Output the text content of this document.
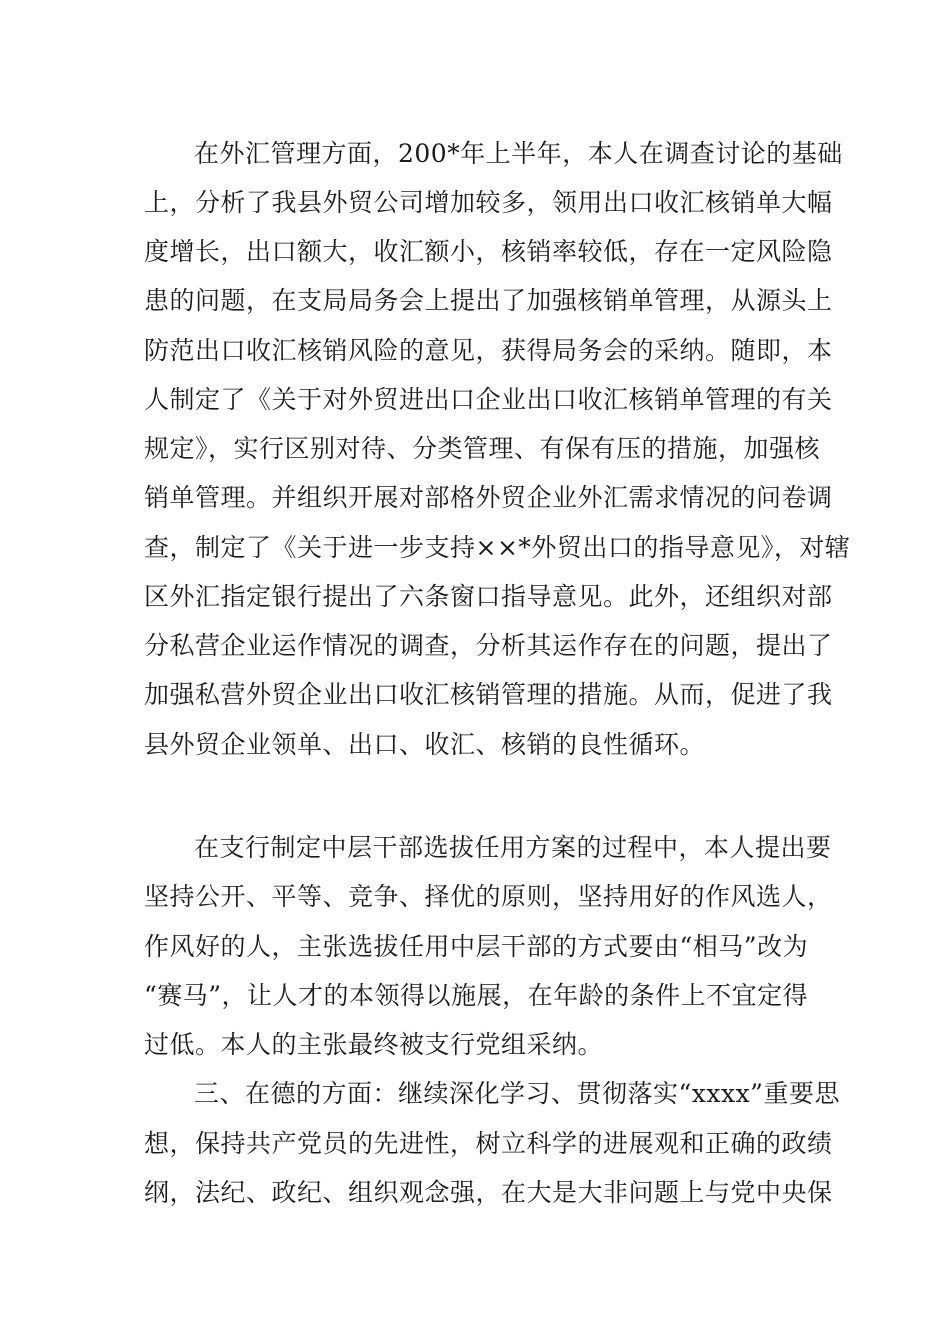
在外汇管理方面，200*年上半年，本人在调查讨论的基础
上，分析了我县外贸公司增加较多，领用出口收汇核销单大幅
度增长，出口额大，收汇额小，核销率较低，存在一定风险隐
患的问题，在支局局务会上提出了加强核销单管理，从源头上
防范出口收汇核销风险的意见，获得局务会的采纳。随即，本
人制定了《关于对外贸进出口企业出口收汇核销单管理的有关
规定》，实行区别对待、分类管理、有保有压的措施，加强核
销单管理。并组织开展对部格外贸企业外汇需求情况的问卷调
查，制定了《关于进一步支持××*外贸出口的指导意见》，对辖
区外汇指定银行提出了六条窗口指导意见。此外，还组织对部
分私营企业运作情况的调查，分析其运作存在的问题，提出了
加强私营外贸企业出口收汇核销管理的措施。从而，促进了我
县外贸企业领单、出口、收汇、核销的良性循环。
在支行制定中层干部选拔任用方案的过程中，本人提出要
坚持公开、平等、竞争、择优的原则，坚持用好的作风选人，
作风好的人，主张选拔任用中层干部的方式要由“相马”改为
“赛马”，让人才的本领得以施展，在年龄的条件上不宜定得
过低。本人的主张最终被支行党组采纳。
三、在德的方面：继续深化学习、贯彻落实“xxxx”重要思
想，保持共产党员的先进性，树立科学的进展观和正确的政绩
纲，法纪、政纪、组织观念强，在大是大非问题上与党中央保
